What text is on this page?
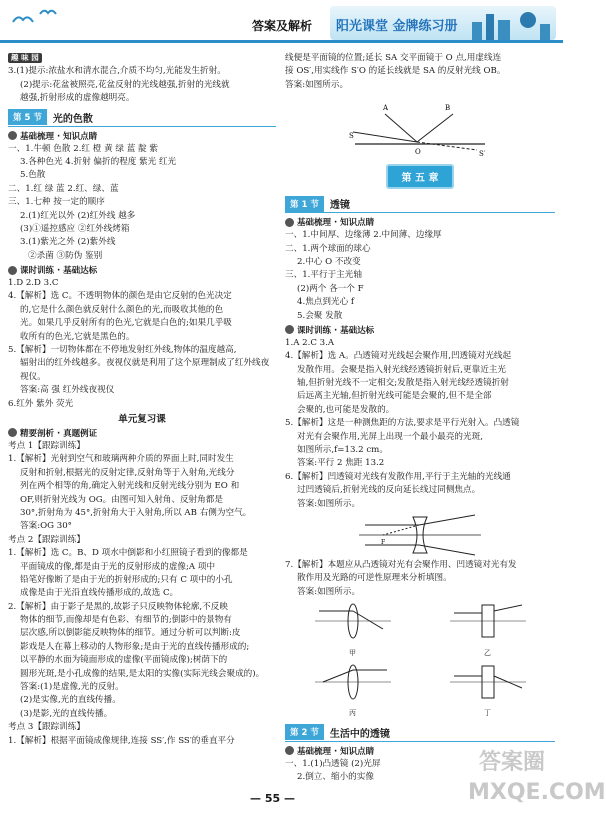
答案及解析 阳光课堂 金牌练习册
趣 味 园
3.(1)提示:浓盐水和清水混合,介质不均匀,光能发生折射。
(2)提示:花盆被照亮,花盆反射的光线越强,折射的光线就
越强,折射形成的虚像越明亮。
第 5 节	光的色散
基础梳理 · 知识点睛
一、1.牛顿 色散 2.红 橙 黄 绿 蓝 靛 紫
3.各种色光 4.折射 偏折的程度 紫光 红光
5.色散
二、1.红 绿 蓝 2.红、绿、蓝
三、1.七种 按一定的顺序
2.(1)红光以外 (2)红外线 越多
(3)①遥控感应 ②红外线烤箱
3.(1)紫光之外 (2)紫外线
②杀菌 ③防伪 鉴别
课时训练 · 基础达标
1.D 2.D 3.C
4.【解析】选 C。不透明物体的颜色是由它反射的色光决定
的,它是什么颜色就反射什么颜色的光,而吸收其他的色
光。如果几乎反射所有的色光,它就是白色的;如果几乎吸
收所有的色光,它就是黑色的。
5.【解析】一切物体都在不停地发射红外线,物体的温度越高,
辐射出的红外线越多。夜视仪就是利用了这个原理制成了红外线夜
视仪。
答案:高 强 红外线夜视仪
6.红外 紫外 荧光
单元复习课
精要剖析 · 真题例证
考点 1【跟踪训练】
1.【解析】光射到空气和玻璃两种介质的界面上时,同时发生
反射和折射,根据光的反射定律,反射角等于入射角,光线分
列在两个相等的角,确定入射光线和反射光线分别为 EO 和
OF,则折射光线为 OG。由图可知入射角、反射角都是
30°,折射角为 45°,折射角大于入射角,所以 AB 右侧为空气。
答案:OG 30°
考点 2【跟踪训练】
1.【解析】选 C。B、D 项水中倒影和小红照镜子看到的像都是
平面镜成的像,都是由于光的反射形成的虚像;A 项中
铅笔好像断了是由于光的折射形成的;只有 C 项中的小孔
成像是由于光沿直线传播形成的,故选 C。
2.【解析】由于影子是黑的,故影子只反映物体轮廓,不反映
物体的细节,而像却是有色彩、有细节的;倒影中的景物有
层次感,所以倒影能反映物体的细节。通过分析可以判断:皮
影戏是人在幕上移动的人物形象;是由于光的直线传播形成的;
以平静的水面为镜面形成的虚像(平面镜成像);树荫下的
圆形光斑,是小孔成像的结果,是太阳的实像(实际光线会聚成的)。
答案:(1)是虚像,光的反射。
(2)是实像,光的直线传播。
(3)是影,光的直线传播。
考点 3【跟踪训练】
1.【解析】根据平面镜成像规律,连接 SS′,作 SS′的垂直平分
线便是平面镜的位置;延长 SA 交平面镜于 O 点,用虚线连
接 OS′,用实线作 S′O 的延长线就是 SA 的反射光线 OB。
答案:如图所示。
S
A	B
O	S′
第 五 章
第 1 节	透镜
基础梳理 · 知识点睛
一、1.中间厚、边缘薄 2.中间薄、边缘厚
二、1.两个球面的球心
2.中心 O 不改变
三、1.平行于主光轴
(2)两个 各一个 F
4.焦点到光心 f
5.会聚 发散
课时训练 · 基础达标
1.A 2.C 3.A
4.【解析】选 A。凸透镜对光线起会聚作用,凹透镜对光线起
发散作用。会聚是指入射光线经透镜折射后,更靠近主光
轴,但折射光线不一定相交;发散是指入射光线经透镜折射
后远离主光轴,但折射光线可能是会聚的,但不是全部
会聚的,也可能是发散的。
5.【解析】这是一种测焦距的方法,要求是平行光射入。凸透镜
对光有会聚作用,光屏上出现一个最小最亮的光斑,
如图所示,f=13.2 cm。
答案:平行 2 焦距 13.2
6.【解析】凹透镜对光线有发散作用,平行于主光轴的光线通
过凹透镜后,折射光线的反向延长线过同侧焦点。
答案:如图所示。
F
7.【解析】本题应从凸透镜对光有会聚作用、凹透镜对光有发
散作用及光路的可逆性原理来分析填图。
答案:如图所示。
甲	乙
丙	丁
第 2 节	生活中的透镜
基础梳理 · 知识点睛
一、1.(1)凸透镜 (2)光屏
2.倒立、缩小的实像
— 55 —
答案圈 MXQE.COM
